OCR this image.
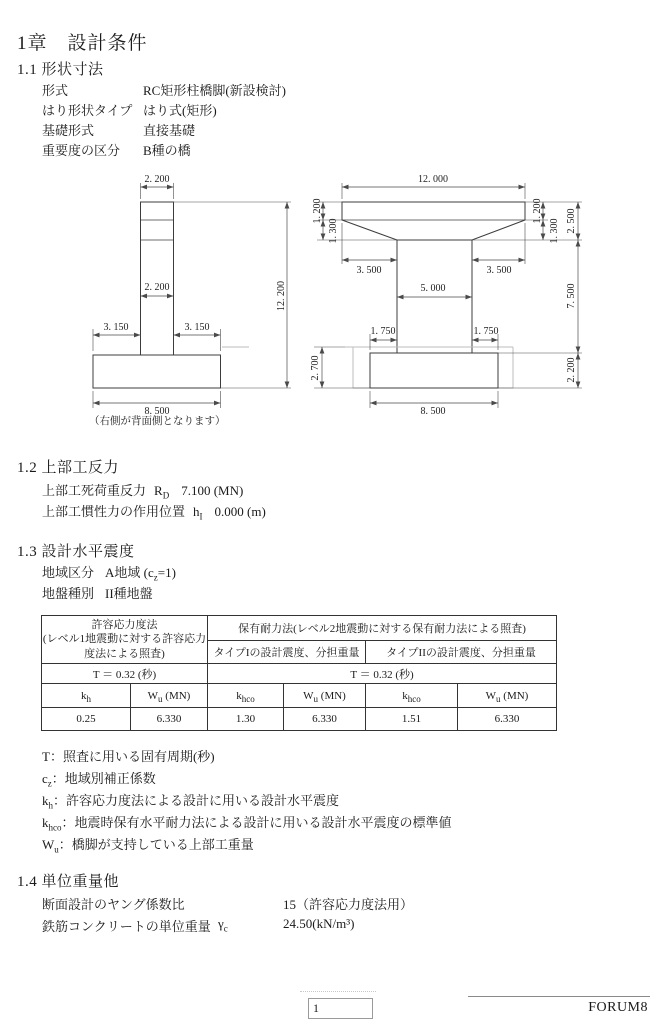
1章　設計条件
1.1 形状寸法
形式	RC矩形柱橋脚(新設検討)
はり形状タイプ はり式(矩形)
基礎形式	直接基礎
重要度の区分 B種の橋
2. 200
2. 200
3. 150	3. 150
12. 200
8. 500
（右側が背面側となります）
12. 000
1. 200
1. 300
1. 200
1. 300 2. 500
7. 500
2. 200
3. 500	3. 500
5. 000
1. 750	1. 750
2. 700
8. 500
1.2 上部工反力
上部工死荷重反力 $R_D$ 7.100 (MN)
上部工慣性力の作用位置 $h_I$ 0.000 (m)
1.3 設計水平震度
地域区分 A地域 $(c_z=1)$
地盤種別 II種地盤
許容応力度法
(レベル1地震動に対する許容応力
度法による照査)		保有耐力法(レベル2地震動に対する保有耐力法による照査)			
		タイプIの設計震度、分担重量		タイプIIの設計震度、分担重量	
T ＝ 0.32 (秒)		T ＝ 0.32 (秒)			
$k_h$	$W_u$ (MN)	$k_{hco}$	$W_u$ (MN)	$k_{hco}$	$W_u$ (MN)
0.25	6.330	1.30	6.330	1.51	6.330
T：照査に用いる固有周期(秒)
$c_z$：地域別補正係数
$k_h$：許容応力度法による設計に用いる設計水平震度
$k_{hco}$：地震時保有水平耐力法による設計に用いる設計水平震度の標準値
$W_u$：橋脚が支持している上部工重量
1.4 単位重量他
断面設計のヤング係数比	15（許容応力度法用）
鉄筋コンクリートの単位重量 $\gamma_c$	24.50(kN/m³)
1	FORUM8
